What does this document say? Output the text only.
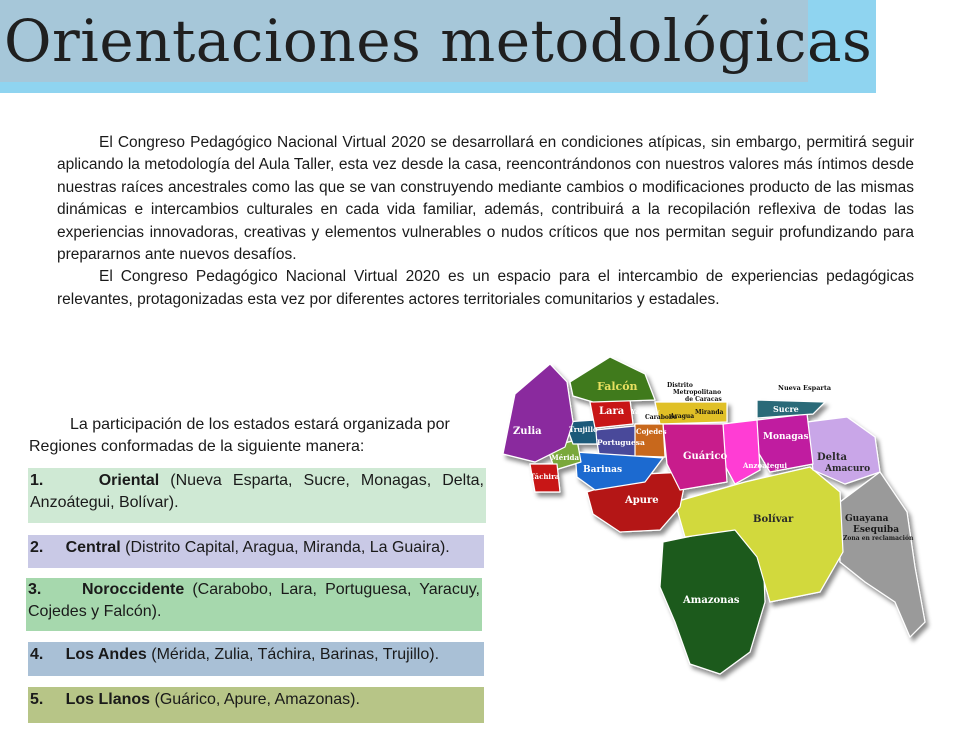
Orientaciones metodológicas

El Congreso Pedagógico Nacional Virtual 2020 se desarrollará en condiciones atípicas, sin embargo, permitirá seguir aplicando la metodología del Aula Taller, esta vez desde la casa, reencontrándonos con nuestros valores más íntimos desde nuestras raíces ancestrales como las que se van construyendo mediante cambios o modificaciones producto de las mismas dinámicas e intercambios culturales en cada vida familiar, además, contribuirá a la recopilación reflexiva de todas las experiencias innovadoras, creativas y elementos vulnerables o nudos críticos que nos permitan seguir profundizando para prepararnos ante nuevos desafíos.

El Congreso Pedagógico Nacional Virtual 2020 es un espacio para el intercambio de experiencias pedagógicas relevantes, protagonizadas esta vez por diferentes actores territoriales comunitarios y estadales.

La participación de los estados estará organizada por Regiones conformadas de la siguiente manera:

1.	Oriental (Nueva Esparta, Sucre, Monagas, Delta, Anzoátegui, Bolívar).

2. Central (Distrito Capital, Aragua, Miranda, La Guaira).

3.	Noroccidente (Carabobo, Lara, Portuguesa, Yaracuy, Cojedes y Falcón).

4. Los Andes (Mérida, Zulia, Táchira, Barinas, Trujillo).

5. Los Llanos (Guárico, Apure, Amazonas).

Falcón	Distrito
Metropolitano
de Caracas
Nueva Esparta
Lara Yaracuy
Carabobo
Aragua
Miranda	Sucre
Zulia	Trujillo
Portuguesa
Cojedes
Mérida
Barinas
Guárico
Monagas
Anzoátegui
Delta
Amacuro
Táchira
Apure
Bolívar	Guayana
Esequiba
Zona en reclamación
Amazonas
